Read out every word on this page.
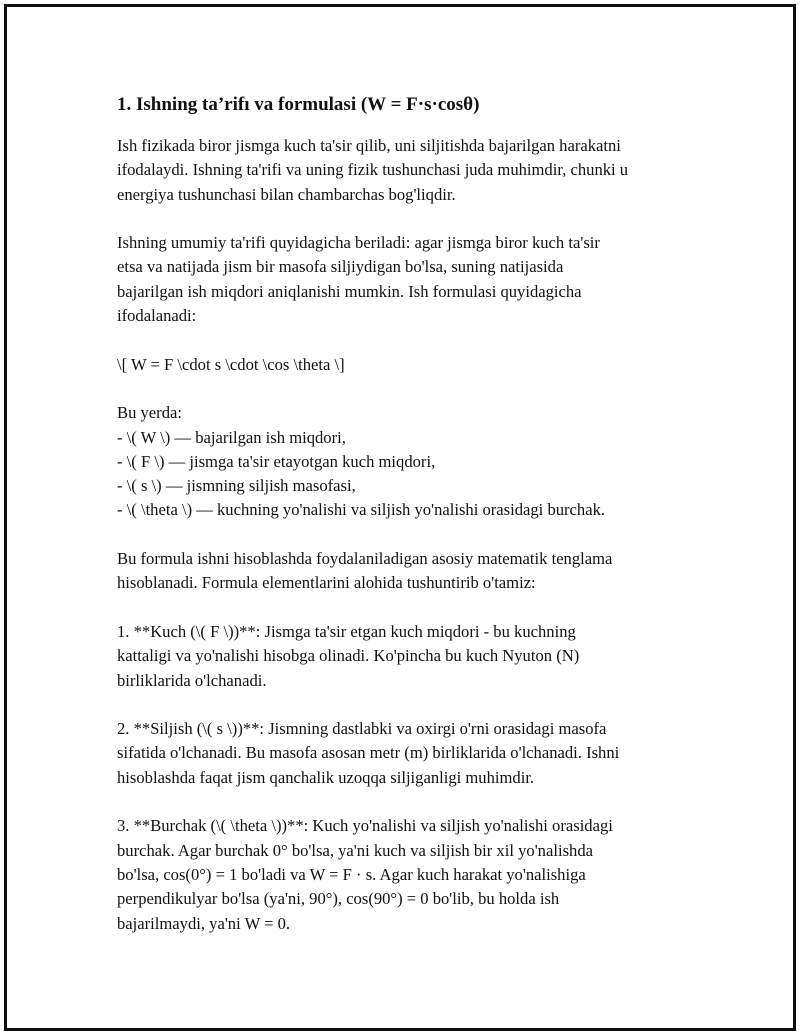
1. Ishning ta’rifı va formulasi (W = F·s·cosθ)

Ish fizikada biror jismga kuch ta'sir qilib, uni siljitishda bajarilgan harakatni
ifodalaydi. Ishning ta'rifi va uning fizik tushunchasi juda muhimdir, chunki u
energiya tushunchasi bilan chambarchas bog'liqdir.

Ishning umumiy ta'rifi quyidagicha beriladi: agar jismga biror kuch ta'sir
etsa va natijada jism bir masofa siljiydigan bo'lsa, suning natijasida
bajarilgan ish miqdori aniqlanishi mumkin. Ish formulasi quyidagicha
ifodalanadi:

\[ W = F \cdot s \cdot \cos \theta \]

Bu yerda:
- \( W \) — bajarilgan ish miqdori,
- \( F \) — jismga ta'sir etayotgan kuch miqdori,
- \( s \) — jismning siljish masofasi,
- \( \theta \) — kuchning yo'nalishi va siljish yo'nalishi orasidagi burchak.

Bu formula ishni hisoblashda foydalaniladigan asosiy matematik tenglama
hisoblanadi. Formula elementlarini alohida tushuntirib o'tamiz:

1. **Kuch (\( F \))**: Jismga ta'sir etgan kuch miqdori - bu kuchning
kattaligi va yo'nalishi hisobga olinadi. Ko'pincha bu kuch Nyuton (N)
birliklarida o'lchanadi.

2. **Siljish (\( s \))**: Jismning dastlabki va oxirgi o'rni orasidagi masofa
sifatida o'lchanadi. Bu masofa asosan metr (m) birliklarida o'lchanadi. Ishni
hisoblashda faqat jism qanchalik uzoqqa siljiganligi muhimdir.

3. **Burchak (\( \theta \))**: Kuch yo'nalishi va siljish yo'nalishi orasidagi
burchak. Agar burchak 0° bo'lsa, ya'ni kuch va siljish bir xil yo'nalishda
bo'lsa, cos(0°) = 1 bo'ladi va W = F · s. Agar kuch harakat yo'nalishiga
perpendikulyar bo'lsa (ya'ni, 90°), cos(90°) = 0 bo'lib, bu holda ish
bajarilmaydi, ya'ni W = 0.
